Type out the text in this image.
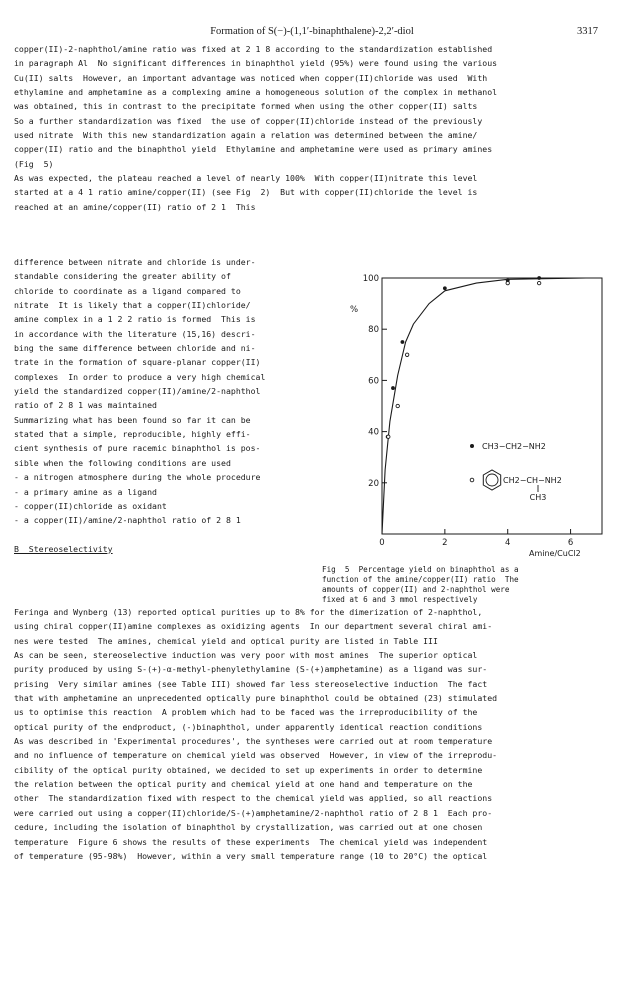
Formation of S(−)-(1,1′-binaphthalene)-2,2′-diol	3317
copper(II)-2-naphthol/amine ratio was fixed at 2 1 8 according to the standardization established
in paragraph Al  No significant differences in binaphthol yield (95%) were found using the various
Cu(II) salts  However, an important advantage was noticed when copper(II)chloride was used  With
ethylamine and amphetamine as a complexing amine a homogeneous solution of the complex in methanol
was obtained, this in contrast to the precipitate formed when using the other copper(II) salts
So a further standardization was fixed  the use of copper(II)chloride instead of the previously
used nitrate  With this new standardization again a relation was determined between the amine/
copper(II) ratio and the binaphthol yield  Ethylamine and amphetamine were used as primary amines
(Fig  5)
As was expected, the plateau reached a level of nearly 100%  With copper(II)nitrate this level
started at a 4 1 ratio amine/copper(II) (see Fig  2)  But with copper(II)chloride the level is
reached at an amine/copper(II) ratio of 2 1  This
difference between nitrate and chloride is under-
standable considering the greater ability of
chloride to coordinate as a ligand compared to
nitrate  It is likely that a copper(II)chloride/
amine complex in a 1 2 2 ratio is formed  This is
in accordance with the literature (15,16) descri-
bing the same difference between chloride and ni-
trate in the formation of square-planar copper(II)
complexes  In order to produce a very high chemical
yield the standardized copper(II)/amine/2-naphthol
ratio of 2 8 1 was maintained
Summarizing what has been found so far it can be
stated that a simple, reproducible, highly effi-
cient synthesis of pure racemic binaphthol is pos-
sible when the following conditions are used
- a nitrogen atmosphere during the whole procedure
- a primary amine as a ligand
- copper(II)chloride as oxidant
- a copper(II)/amine/2-naphthol ratio of 2 8 1
B  Stereoselectivity
20
40
60
80
100
0	2	4	6
%
Amine/CuCl2
CH3−CH2−NH2
CH2−CH−NH2
CH3
Fig  5  Percentage yield on binaphthol as a
function of the amine/copper(II) ratio  The
amounts of copper(II) and 2-naphthol were
fixed at 6 and 3 mmol respectively
Feringa and Wynberg (13) reported optical purities up to 8% for the dimerization of 2-naphthol,
using chiral copper(II)amine complexes as oxidizing agents  In our department several chiral ami-
nes were tested  The amines, chemical yield and optical purity are listed in Table III
As can be seen, stereoselective induction was very poor with most amines  The superior optical
purity produced by using S-(+)-α-methyl-phenylethylamine (S-(+)amphetamine) as a ligand was sur-
prising  Very similar amines (see Table III) showed far less stereoselective induction  The fact
that with amphetamine an unprecedented optically pure binaphthol could be obtained (23) stimulated
us to optimise this reaction  A problem which had to be faced was the irreproducibility of the
optical purity of the endproduct, (-)binaphthol, under apparently identical reaction conditions
As was described in 'Experimental procedures', the syntheses were carried out at room temperature
and no influence of temperature on chemical yield was observed  However, in view of the irreprodu-
cibility of the optical purity obtained, we decided to set up experiments in order to determine
the relation between the optical purity and chemical yield at one hand and temperature on the
other  The standardization fixed with respect to the chemical yield was applied, so all reactions
were carried out using a copper(II)chloride/S-(+)amphetamine/2-naphthol ratio of 2 8 1  Each pro-
cedure, including the isolation of binaphthol by crystallization, was carried out at one chosen
temperature  Figure 6 shows the results of these experiments  The chemical yield was independent
of temperature (95-98%)  However, within a very small temperature range (10 to 20°C) the optical
